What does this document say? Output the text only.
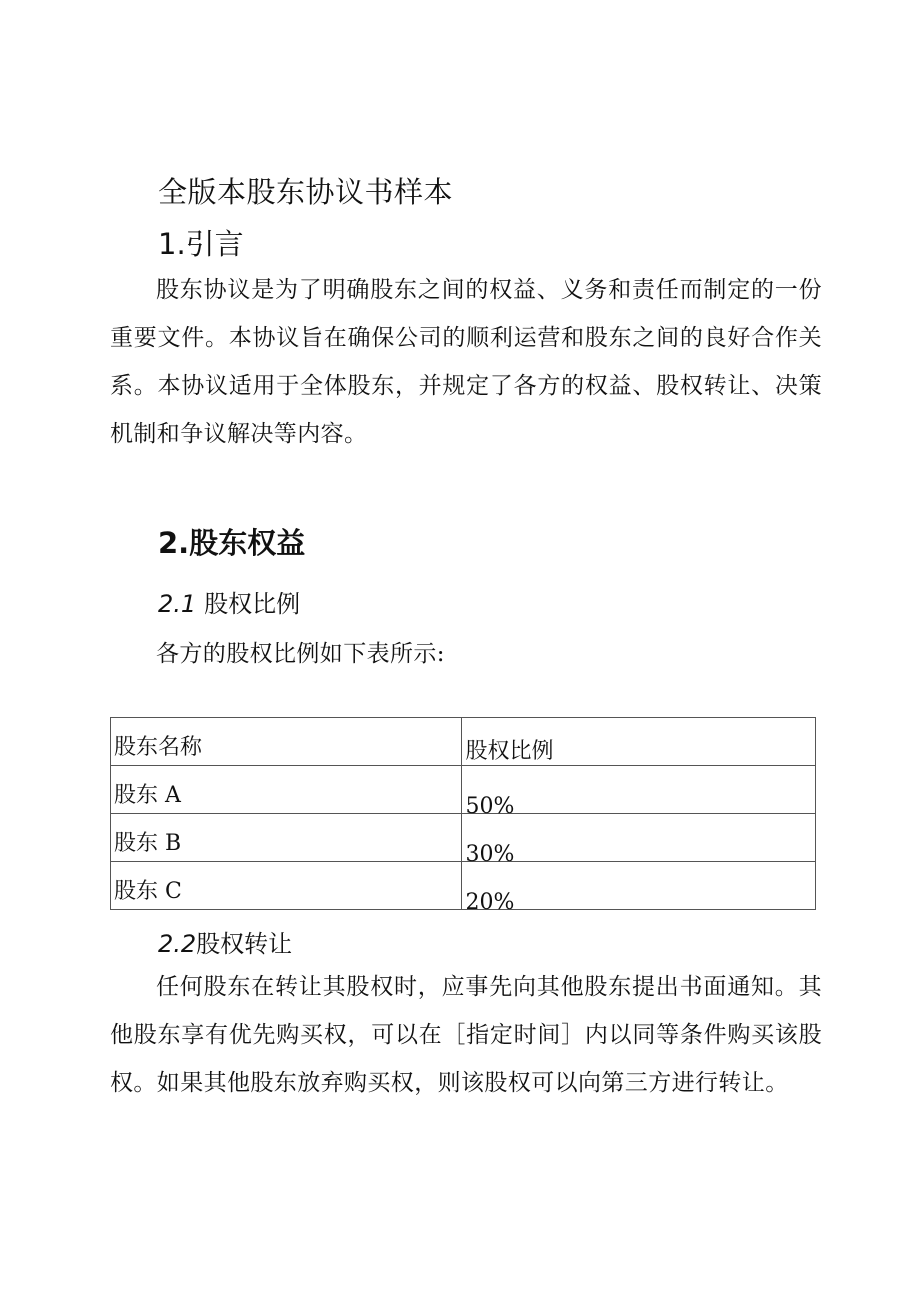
全版本股东协议书样本
1.引言

股东协议是为了明确股东之间的权益、义务和责任而制定的一份重要文件。本协议旨在确保公司的顺利运营和股东之间的良好合作关系。本协议适用于全体股东，并规定了各方的权益、股权转让、决策机制和争议解决等内容。

2.股东权益
2.1 股权比例

各方的股权比例如下表所示:

股东名称	股权比例
股东 A	50%
股东 B	30%
股东 C	20%
2.2股权转让

任何股东在转让其股权时，应事先向其他股东提出书面通知。其他股东享有优先购买权，可以在［指定时间］内以同等条件购买该股权。如果其他股东放弃购买权，则该股权可以向第三方进行转让。
